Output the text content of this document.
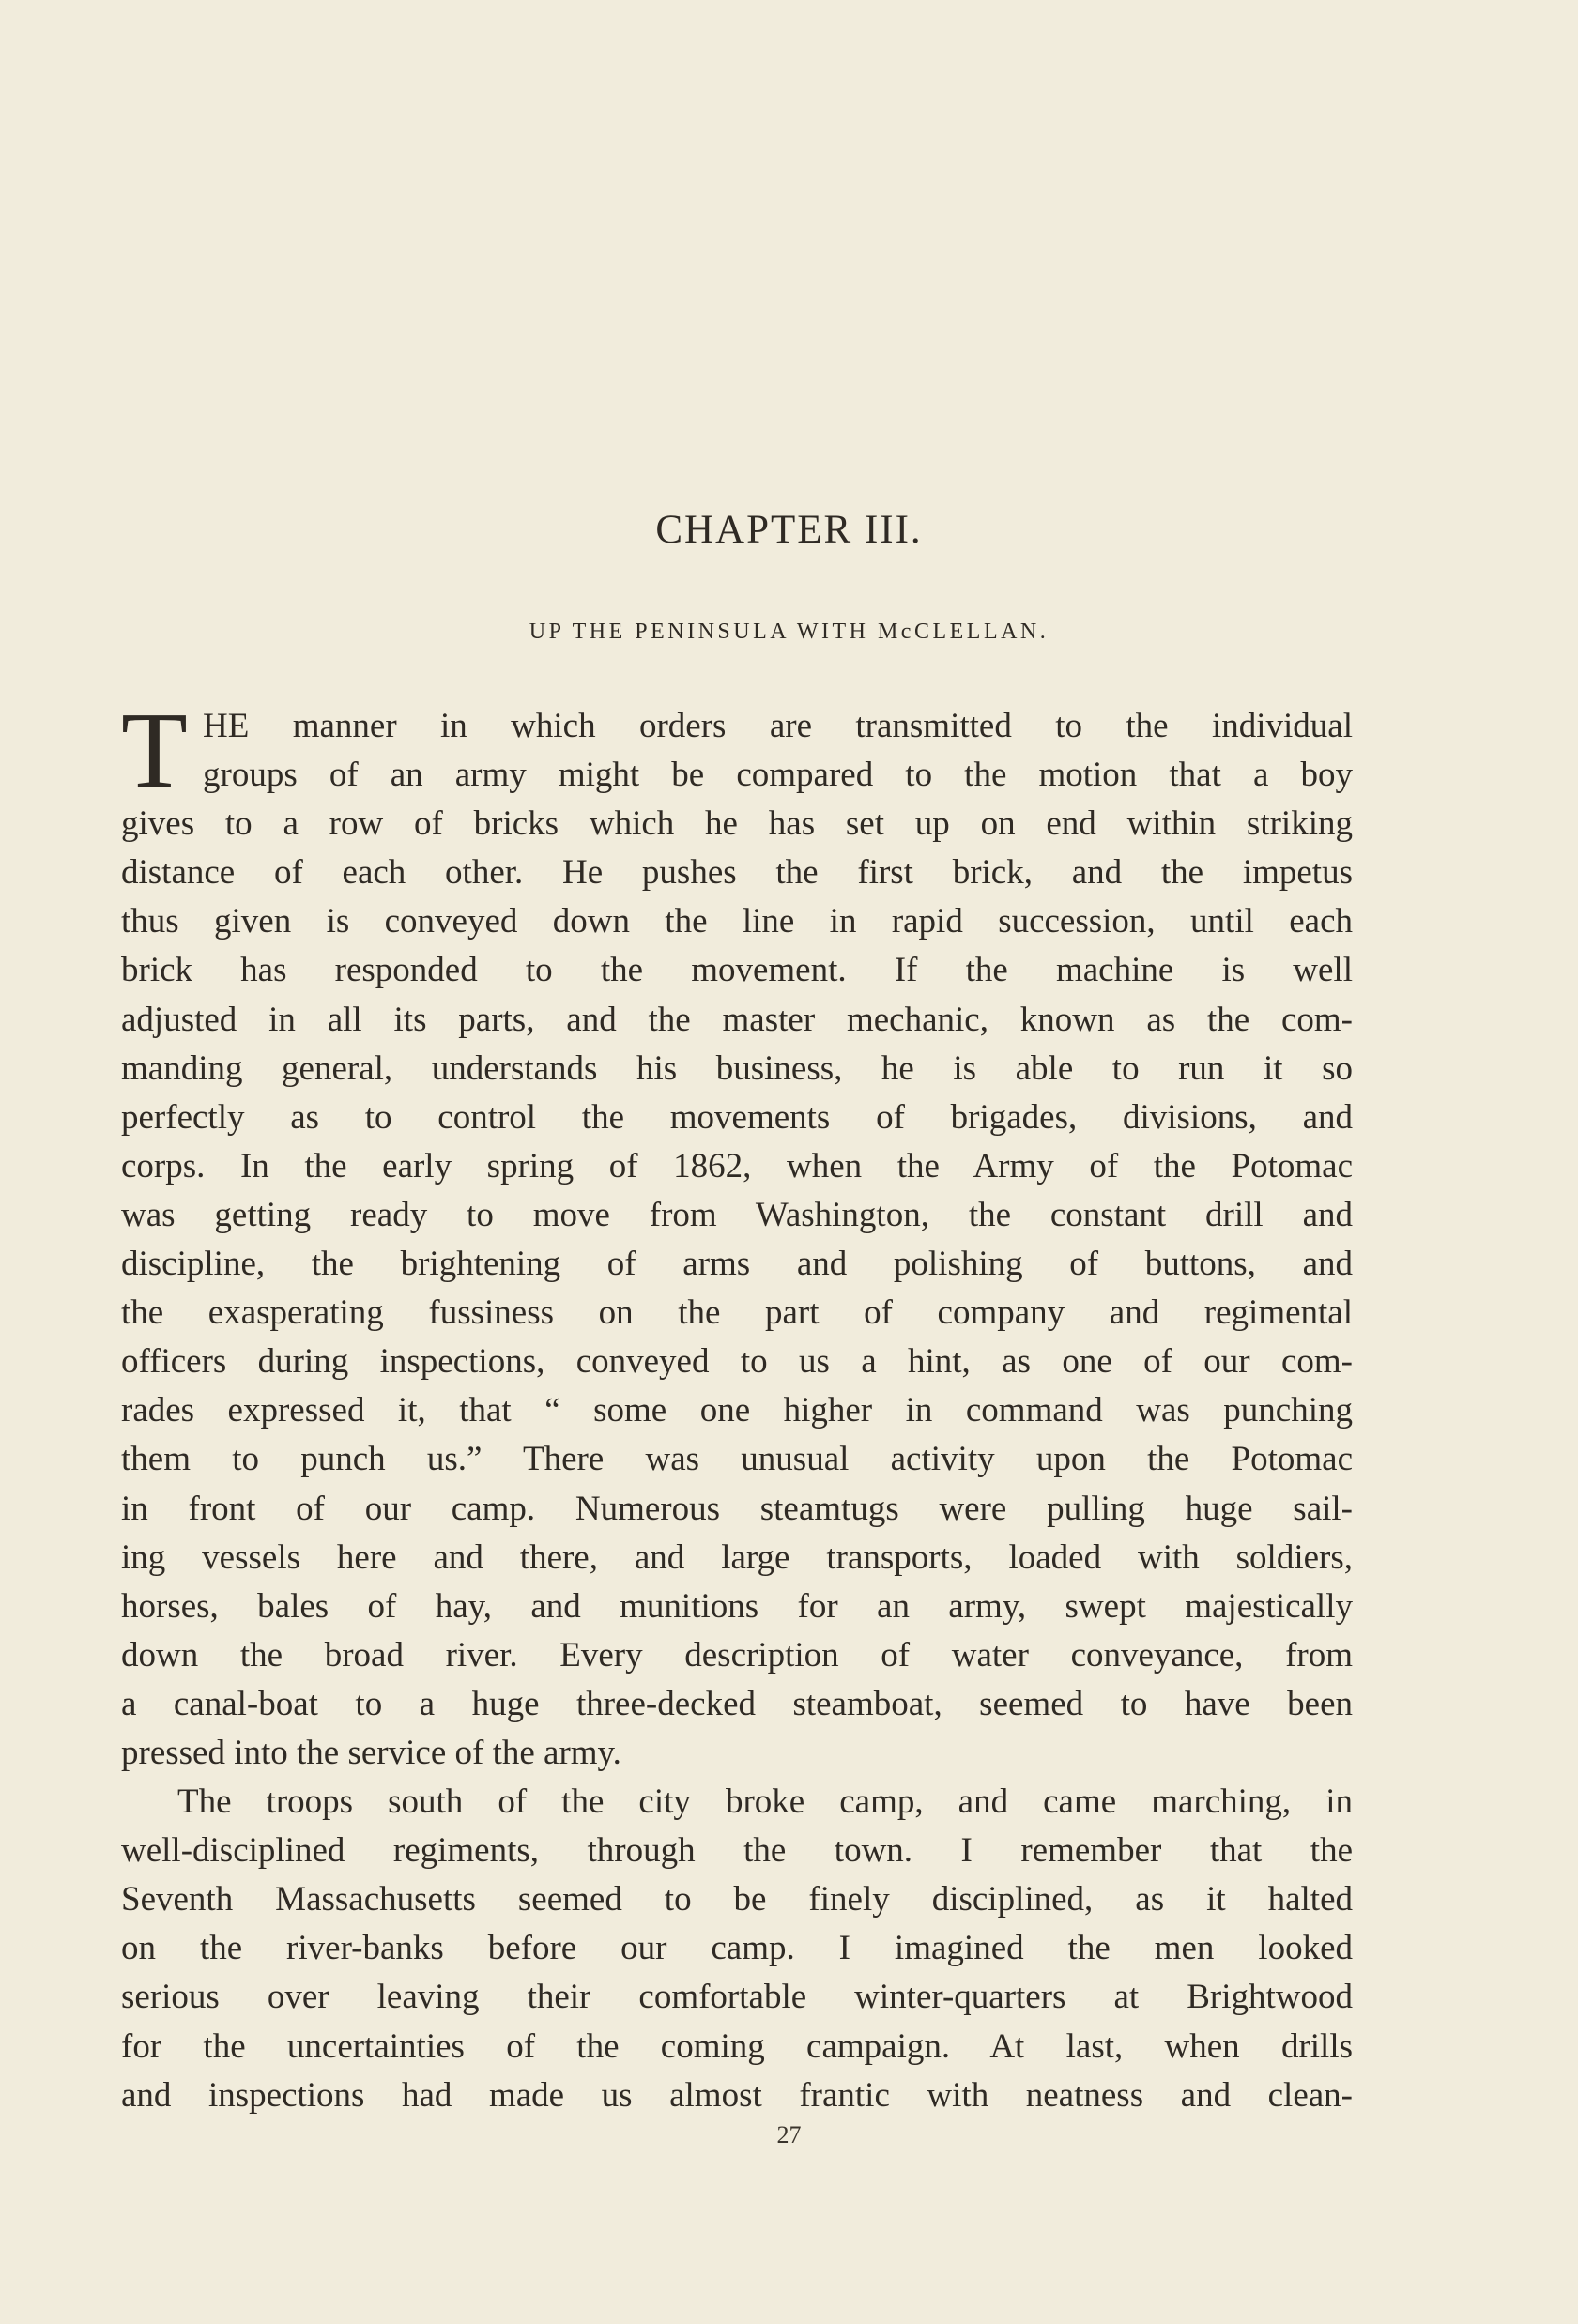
CHAPTER III.
UP THE PENINSULA WITH McCLELLAN.
T HE manner in which orders are transmitted to the individual
groups of an army might be compared to the motion that a boy
gives to a row of bricks which he has set up on end within striking
distance of each other. He pushes the first brick, and the impetus
thus given is conveyed down the line in rapid succession, until each
brick has responded to the movement. If the machine is well
adjusted in all its parts, and the master mechanic, known as the com-
manding general, understands his business, he is able to run it so
perfectly as to control the movements of brigades, divisions, and
corps. In the early spring of 1862, when the Army of the Potomac
was getting ready to move from Washington, the constant drill and
discipline, the brightening of arms and polishing of buttons, and
the exasperating fussiness on the part of company and regimental
officers during inspections, conveyed to us a hint, as one of our com-
rades expressed it, that “ some one higher in command was punching
them to punch us.” There was unusual activity upon the Potomac
in front of our camp. Numerous steamtugs were pulling huge sail-
ing vessels here and there, and large transports, loaded with soldiers,
horses, bales of hay, and munitions for an army, swept majestically
down the broad river. Every description of water conveyance, from
a canal-boat to a huge three-decked steamboat, seemed to have been
pressed into the service of the army.
The troops south of the city broke camp, and came marching, in
well-disciplined regiments, through the town. I remember that the
Seventh Massachusetts seemed to be finely disciplined, as it halted
on the river-banks before our camp. I imagined the men looked
serious over leaving their comfortable winter-quarters at Brightwood
for the uncertainties of the coming campaign. At last, when drills
and inspections had made us almost frantic with neatness and clean-
27
